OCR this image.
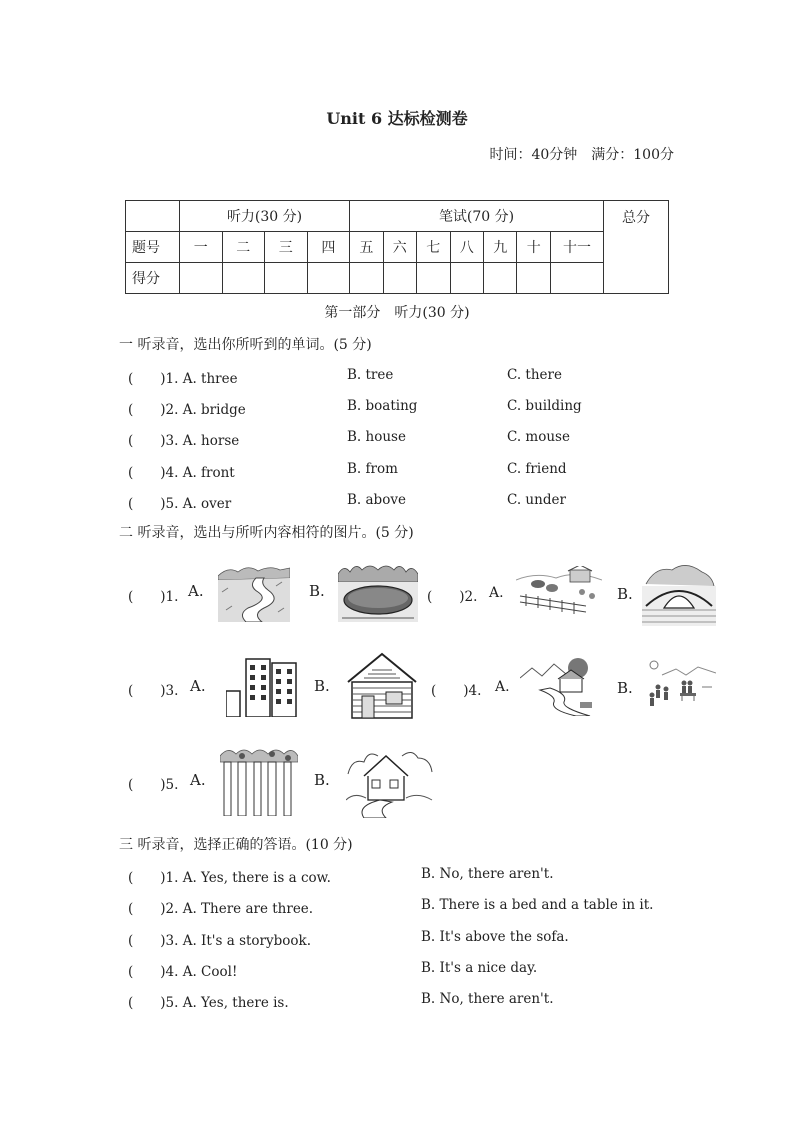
Unit 6 达标检测卷
时间：40分钟　满分：100分
	听力(30 分)				笔试(70 分)							总分
题号	一	二	三	四	五	六	七	八	九	十	十一	
得分												
第一部分　听力(30 分)
一 听录音，选出你所听到的单词。(5 分)
(　　)1. A. three	B. tree	C. there
(　　)2. A. bridge	B. boating	C. building
(　　)3. A. horse	B. house	C. mouse
(　　)4. A. front	B. from	C. friend
(　　)5. A. over	B. above	C. under
二 听录音，选出与所听内容相符的图片。(5 分)
(　　)1. A.	B.	(　　)2. A.	B.
(　　)3. A.	B.	(　　)4. A.	B.
(　　)5. A.	B.
三 听录音，选择正确的答语。(10 分)
(　　)1. A. Yes, there is a cow.	B. No, there aren't.
(　　)2. A. There are three.	B. There is a bed and a table in it.
(　　)3. A. It's a storybook.	B. It's above the sofa.
(　　)4. A. Cool!	B. It's a nice day.
(　　)5. A. Yes, there is.	B. No, there aren't.
